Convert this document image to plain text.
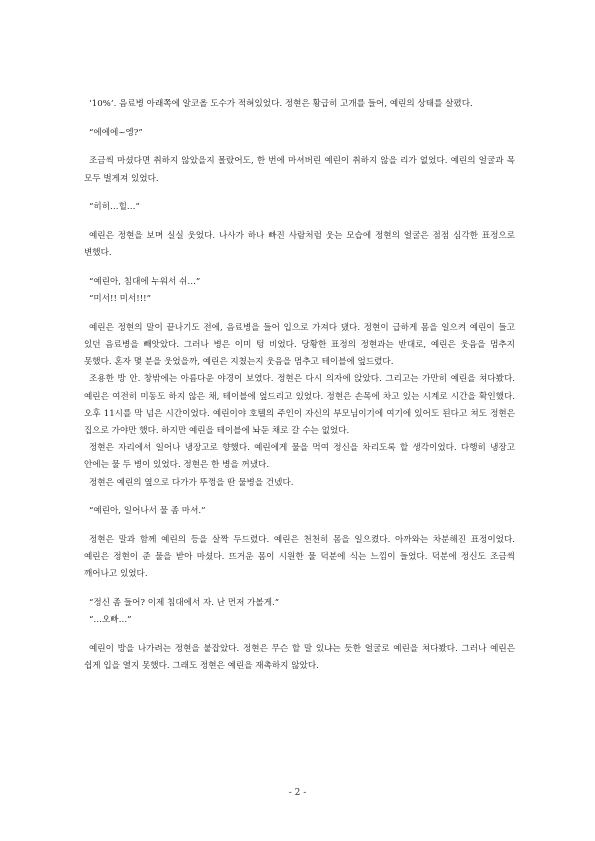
‘10%’. 음료병 아래쪽에 알코올 도수가 적혀있었다. 정현은 황급히 고개를 들어, 예린의 상태를 살폈다.

“에에에~엥?”

조금씩 마셨다면 취하지 않았을지 몰랐어도, 한 번에 마셔버린 예린이 취하지 않을 리가 없었다. 예린의 얼굴과 목 모두 벌게져 있었다.

“히히…힐…”

예린은 정현을 보며 실실 웃었다. 나사가 하나 빠진 사람처럼 웃는 모습에 정현의 얼굴은 점점 심각한 표정으로 변했다.

“예린아, 침대에 누워서 쉬…”

“미서!! 미서!!!”

예린은 정현의 말이 끝나기도 전에, 음료병을 들어 입으로 가져다 댔다. 정현이 급하게 몸을 일으켜 예린이 들고 있던 음료병을 빼앗았다. 그러나 병은 이미 텅 비었다. 당황한 표정의 정현과는 반대로, 예린은 웃음을 멈추지 못했다. 혼자 몇 분을 웃었을까, 예린은 지쳤는지 웃음을 멈추고 테이블에 엎드렸다.

조용한 방 안. 창밖에는 아름다운 야경이 보였다. 정현은 다시 의자에 앉았다. 그리고는 가만히 예린을 쳐다봤다. 예린은 여전히 미동도 하지 않은 채, 테이블에 엎드리고 있었다. 정현은 손목에 차고 있는 시계로 시간을 확인했다. 오후 11시를 막 넘은 시간이었다. 예린이야 호텔의 주인이 자신의 부모님이기에 여기에 있어도 된다고 쳐도 정현은 집으로 가야만 했다. 하지만 예린을 테이블에 놔둔 채로 갈 수는 없었다.

정현은 자리에서 일어나 냉장고로 향했다. 예린에게 물을 먹여 정신을 차리도록 할 생각이었다. 다행히 냉장고 안에는 물 두 병이 있었다. 정현은 한 병을 꺼냈다.

정현은 예린의 옆으로 다가가 뚜껑을 딴 물병을 건넸다.

“예린아, 일어나서 물 좀 마셔.”

정현은 말과 함께 예린의 등을 살짝 두드렸다. 예린은 천천히 몸을 일으켰다. 아까와는 차분해진 표정이었다. 예린은 정현이 준 물을 받아 마셨다. 뜨거운 몸이 시원한 물 덕분에 식는 느낌이 들었다. 덕분에 정신도 조금씩 깨어나고 있었다.

“정신 좀 들어? 이제 침대에서 자. 난 먼저 가볼게.”

“…오빠…”

예린이 방을 나가려는 정현을 붙잡았다. 정현은 무슨 할 말 있냐는 듯한 얼굴로 예린을 쳐다봤다. 그러나 예린은 쉽게 입을 열지 못했다. 그래도 정현은 예린을 재촉하지 않았다.

- 2 -
